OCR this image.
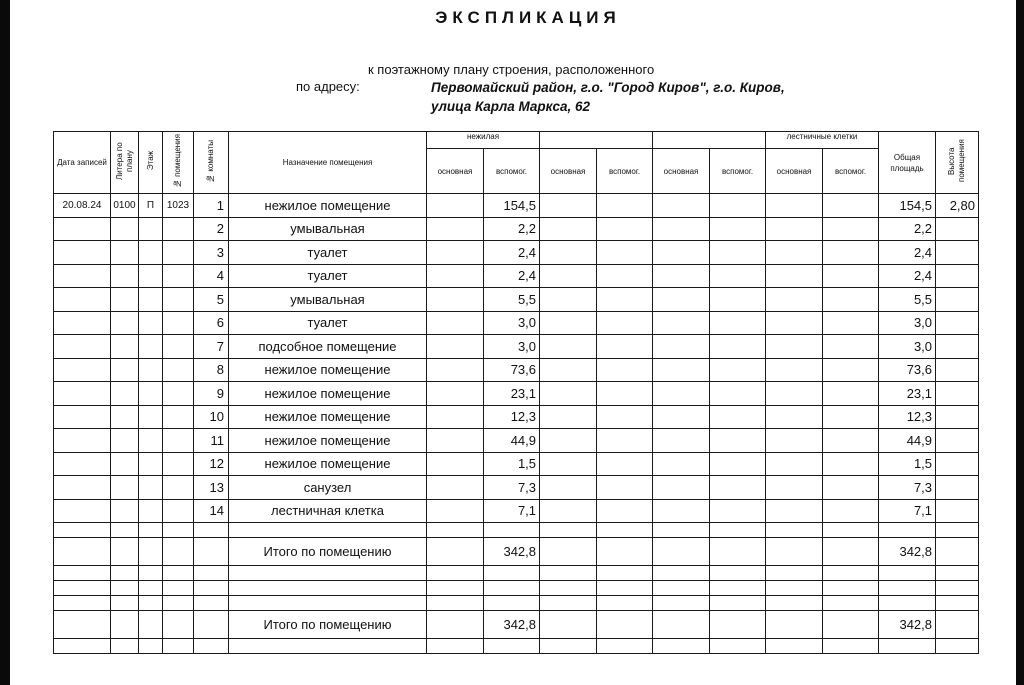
ЭКСПЛИКАЦИЯ
к поэтажному плану строения, расположенного
по адресу:	Первомайский район, г.о. "Город Киров", г.о. Киров,
улица Карла Маркса, 62
Дата записей	Литера по плану	Этаж	№ помещения	№ комнаты	Назначение помещения	нежилая						лестничные клетки		Общая площадь	Высота помещения
						основная	вспомог.	основная	вспомог.	основная	вспомог.	основная	вспомог.		
20.08.24	0100	П	1023	1	нежилое помещение		154,5							154,5	2,80
				2	умывальная		2,2							2,2	
				3	туалет		2,4							2,4	
				4	туалет		2,4							2,4	
				5	умывальная		5,5							5,5	
				6	туалет		3,0							3,0	
				7	подсобное помещение		3,0							3,0	
				8	нежилое помещение		73,6							73,6	
				9	нежилое помещение		23,1							23,1	
				10	нежилое помещение		12,3							12,3	
				11	нежилое помещение		44,9							44,9	
				12	нежилое помещение		1,5							1,5	
				13	санузел		7,3							7,3	
				14	лестничная клетка		7,1							7,1	

					Итого по помещению		342,8							342,8	

					Итого по помещению		342,8							342,8	
